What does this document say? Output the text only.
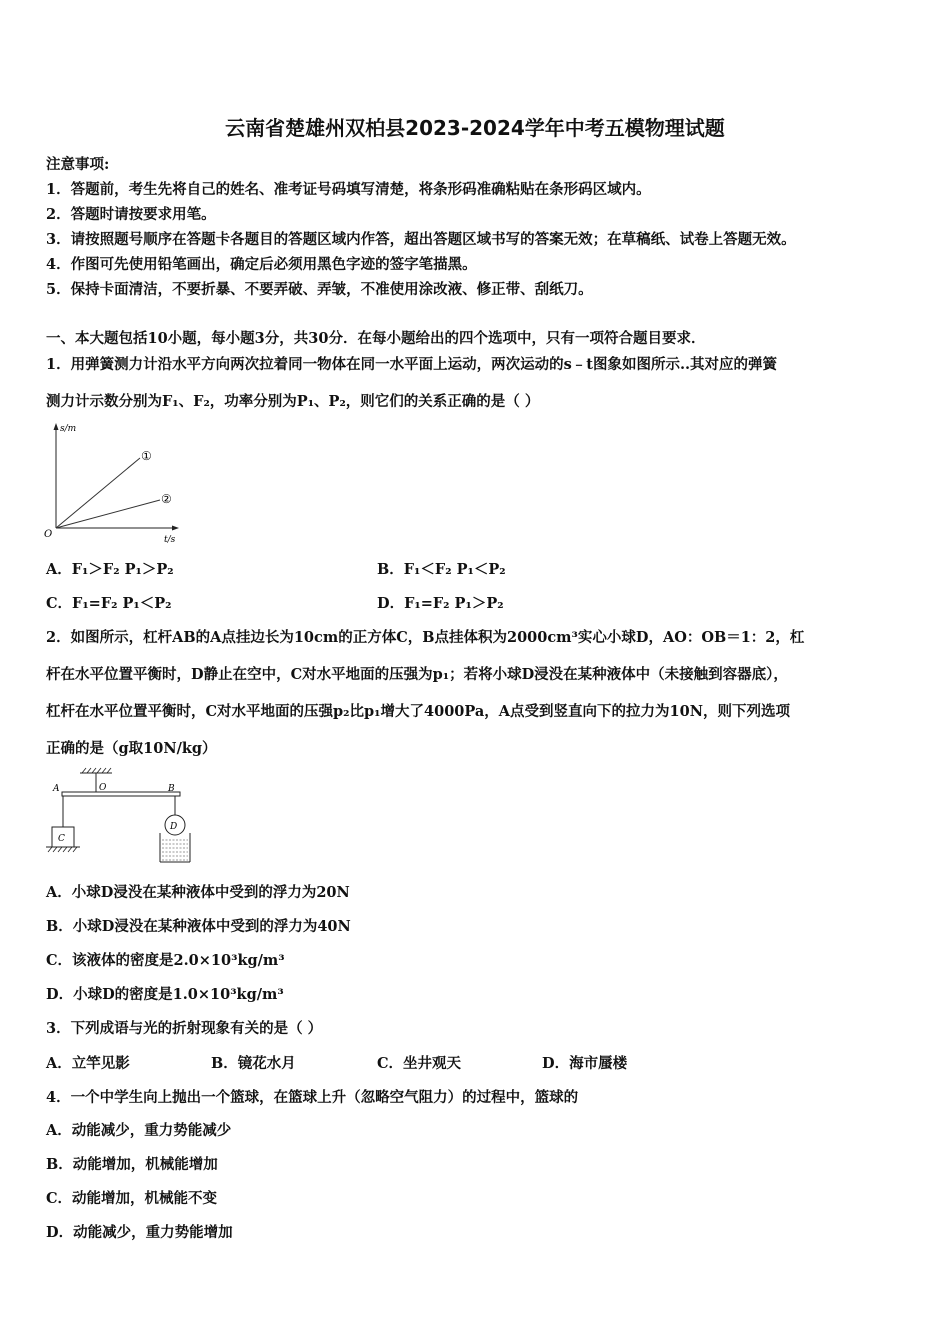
云南省楚雄州双柏县2023-2024学年中考五模物理试题
注意事项:
1．答题前，考生先将自己的姓名、准考证号码填写清楚，将条形码准确粘贴在条形码区域内。
2．答题时请按要求用笔。
3．请按照题号顺序在答题卡各题目的答题区域内作答，超出答题区域书写的答案无效；在草稿纸、试卷上答题无效。
4．作图可先使用铅笔画出，确定后必须用黑色字迹的签字笔描黑。
5．保持卡面清洁，不要折暴、不要弄破、弄皱，不准使用涂改液、修正带、刮纸刀。
一、本大题包括10小题，每小题3分，共30分．在每小题给出的四个选项中，只有一项符合题目要求．
1．用弹簧测力计沿水平方向两次拉着同一物体在同一水平面上运动，两次运动的s﹣t图象如图所示..其对应的弹簧
测力计示数分别为F₁、F₂，功率分别为P₁、P₂，则它们的关系正确的是（ ）
s/m
t/s
O
①
②
A．F₁＞F₂ P₁＞P₂	B．F₁＜F₂ P₁＜P₂
C．F₁=F₂ P₁＜P₂	D．F₁=F₂ P₁＞P₂
2．如图所示，杠杆AB的A点挂边长为10cm的正方体C，B点挂体积为2000cm³实心小球D，AO：OB＝1：2，杠
杆在水平位置平衡时，D静止在空中，C对水平地面的压强为p₁；若将小球D浸没在某种液体中（未接触到容器底），
杠杆在水平位置平衡时，C对水平地面的压强p₂比p₁增大了4000Pa，A点受到竖直向下的拉力为10N，则下列选项
正确的是（g取10N/kg）
A	O	B
C
D
A．小球D浸没在某种液体中受到的浮力为20N
B．小球D浸没在某种液体中受到的浮力为40N
C．该液体的密度是2.0×10³kg/m³
D．小球D的密度是1.0×10³kg/m³
3．下列成语与光的折射现象有关的是（ ）
A．立竿见影	B．镜花水月	C．坐井观天	D．海市蜃楼
4．一个中学生向上抛出一个篮球，在篮球上升（忽略空气阻力）的过程中，篮球的
A．动能减少，重力势能减少
B．动能增加，机械能增加
C．动能增加，机械能不变
D．动能减少，重力势能增加
